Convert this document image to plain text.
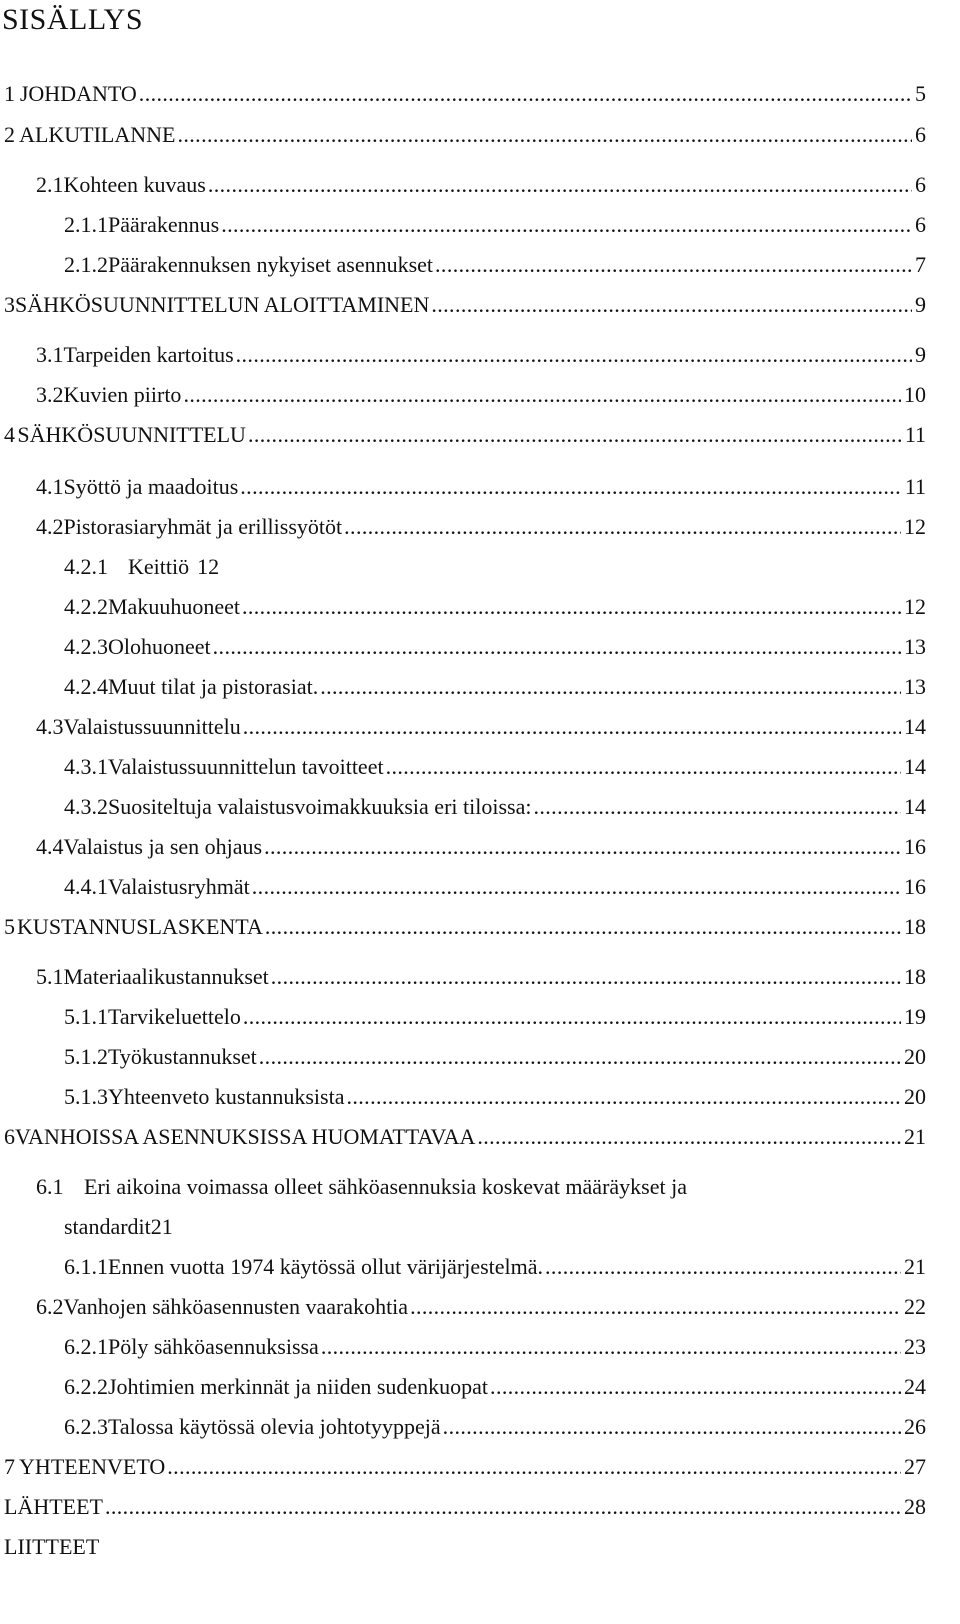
SISÄLLYS
1 JOHDANTO .....	5
2 ALKUTILANNE .....	6
2.1 Kohteen kuvaus .....	6
2.1.1 Päärakennus .....	6
2.1.2 Päärakennuksen nykyiset asennukset .....	7
3 SÄHKÖSUUNNITTELUN ALOITTAMINEN .....	9
3.1 Tarpeiden kartoitus .....	9
3.2 Kuvien piirto .....	10
4 SÄHKÖSUUNNITTELU .....	11
4.1 Syöttö ja maadoitus .....	11
4.2 Pistorasiaryhmät ja erillissyötöt .....	12
4.2.1 Keittiö 12
4.2.2 Makuuhuoneet .....	12
4.2.3 Olohuoneet .....	13
4.2.4 Muut tilat ja pistorasiat. .....	13
4.3 Valaistussuunnittelu .....	14
4.3.1 Valaistussuunnittelun tavoitteet .....	14
4.3.2 Suositeltuja valaistusvoimakkuuksia eri tiloissa: .....	14
4.4 Valaistus ja sen ohjaus .....	16
4.4.1 Valaistusryhmät .....	16
5 KUSTANNUSLASKENTA .....	18
5.1 Materiaalikustannukset .....	18
5.1.1 Tarvikeluettelo .....	19
5.1.2 Työkustannukset .....	20
5.1.3 Yhteenveto kustannuksista .....	20
6 VANHOISSA ASENNUKSISSA HUOMATTAVAA .....	21
6.1 Eri aikoina voimassa olleet sähköasennuksia koskevat määräykset ja
standardit21
6.1.1 Ennen vuotta 1974 käytössä ollut värijärjestelmä. .....	21
6.2 Vanhojen sähköasennusten vaarakohtia .....	22
6.2.1 Pöly sähköasennuksissa .....	23
6.2.2 Johtimien merkinnät ja niiden sudenkuopat .....	24
6.2.3 Talossa käytössä olevia johtotyyppejä .....	26
7 YHTEENVETO .....	27
LÄHTEET .....	28
LIITTEET
